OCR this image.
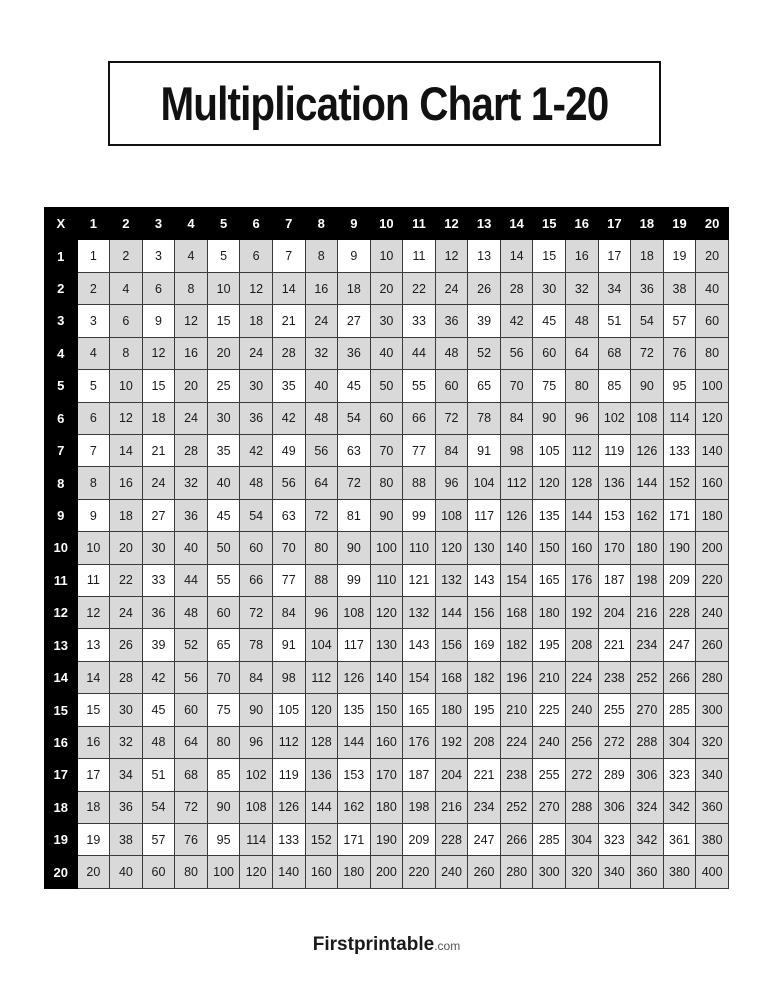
Multiplication Chart 1-20
X	1	2	3	4	5	6	7	8	9	10	11	12	13	14	15	16	17	18	19	20
1	1	2	3	4	5	6	7	8	9	10	11	12	13	14	15	16	17	18	19	20
2	2	4	6	8	10	12	14	16	18	20	22	24	26	28	30	32	34	36	38	40
3	3	6	9	12	15	18	21	24	27	30	33	36	39	42	45	48	51	54	57	60
4	4	8	12	16	20	24	28	32	36	40	44	48	52	56	60	64	68	72	76	80
5	5	10	15	20	25	30	35	40	45	50	55	60	65	70	75	80	85	90	95	100
6	6	12	18	24	30	36	42	48	54	60	66	72	78	84	90	96	102	108	114	120
7	7	14	21	28	35	42	49	56	63	70	77	84	91	98	105	112	119	126	133	140
8	8	16	24	32	40	48	56	64	72	80	88	96	104	112	120	128	136	144	152	160
9	9	18	27	36	45	54	63	72	81	90	99	108	117	126	135	144	153	162	171	180
10	10	20	30	40	50	60	70	80	90	100	110	120	130	140	150	160	170	180	190	200
11	11	22	33	44	55	66	77	88	99	110	121	132	143	154	165	176	187	198	209	220
12	12	24	36	48	60	72	84	96	108	120	132	144	156	168	180	192	204	216	228	240
13	13	26	39	52	65	78	91	104	117	130	143	156	169	182	195	208	221	234	247	260
14	14	28	42	56	70	84	98	112	126	140	154	168	182	196	210	224	238	252	266	280
15	15	30	45	60	75	90	105	120	135	150	165	180	195	210	225	240	255	270	285	300
16	16	32	48	64	80	96	112	128	144	160	176	192	208	224	240	256	272	288	304	320
17	17	34	51	68	85	102	119	136	153	170	187	204	221	238	255	272	289	306	323	340
18	18	36	54	72	90	108	126	144	162	180	198	216	234	252	270	288	306	324	342	360
19	19	38	57	76	95	114	133	152	171	190	209	228	247	266	285	304	323	342	361	380
20	20	40	60	80	100	120	140	160	180	200	220	240	260	280	300	320	340	360	380	400
Firstprintable.com
